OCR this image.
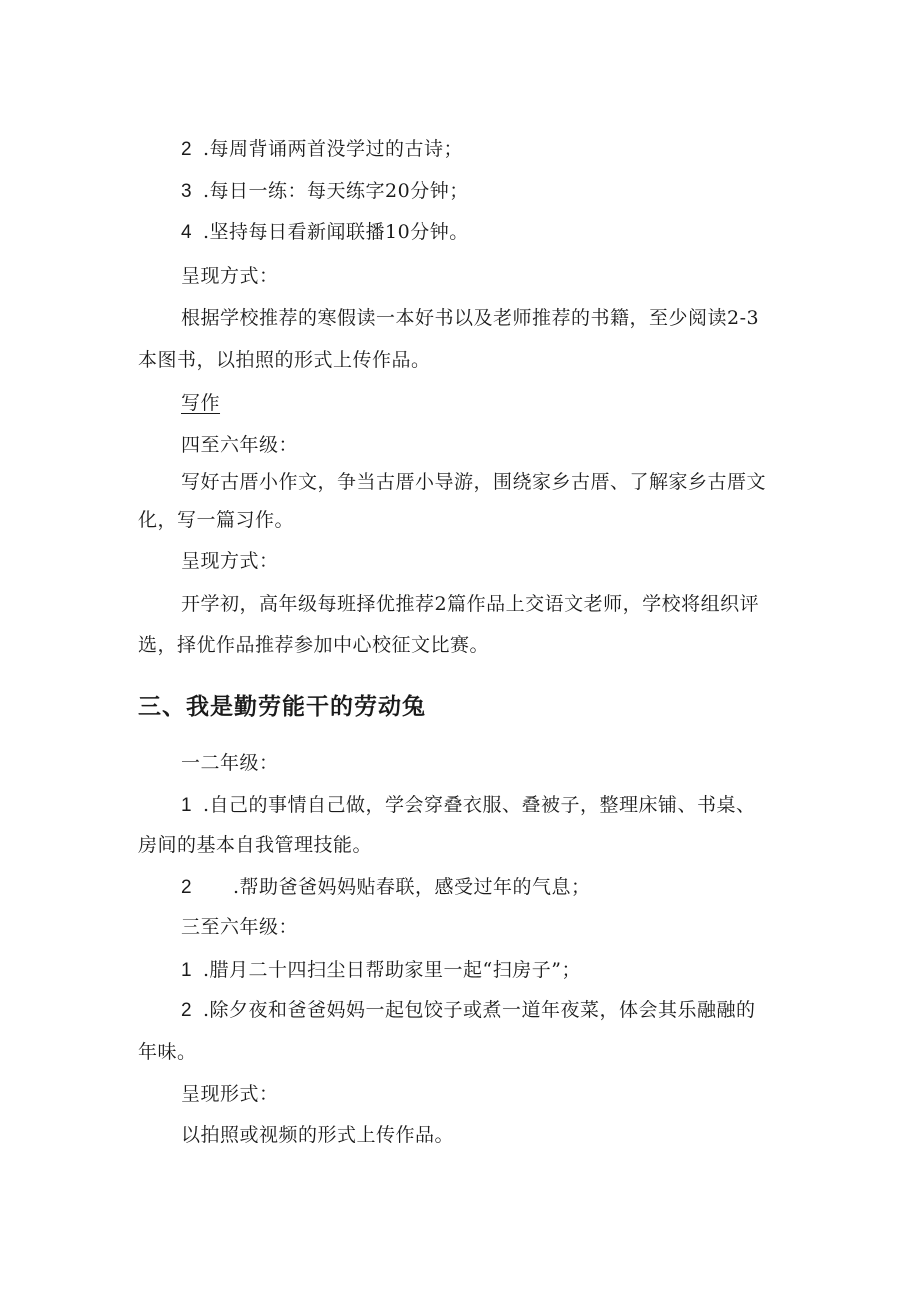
2 .每周背诵两首没学过的古诗；
3 .每日一练：每天练字20分钟；
4 .坚持每日看新闻联播10分钟。
呈现方式：
根据学校推荐的寒假读一本好书以及老师推荐的书籍，至少阅读2-3
本图书，以拍照的形式上传作品。
写作
四至六年级：
写好古厝小作文，争当古厝小导游，围绕家乡古厝、了解家乡古厝文
化，写一篇习作。
呈现方式：
开学初，高年级每班择优推荐2篇作品上交语文老师，学校将组织评
选，择优作品推荐参加中心校征文比赛。
三、我是勤劳能干的劳动兔
一二年级：
1 .自己的事情自己做，学会穿叠衣服、叠被子，整理床铺、书桌、
房间的基本自我管理技能。
2 .帮助爸爸妈妈贴春联，感受过年的气息；
三至六年级：
1 .腊月二十四扫尘日帮助家里一起“扫房子”；
2 .除夕夜和爸爸妈妈一起包饺子或煮一道年夜菜，体会其乐融融的
年味。
呈现形式：
以拍照或视频的形式上传作品。
